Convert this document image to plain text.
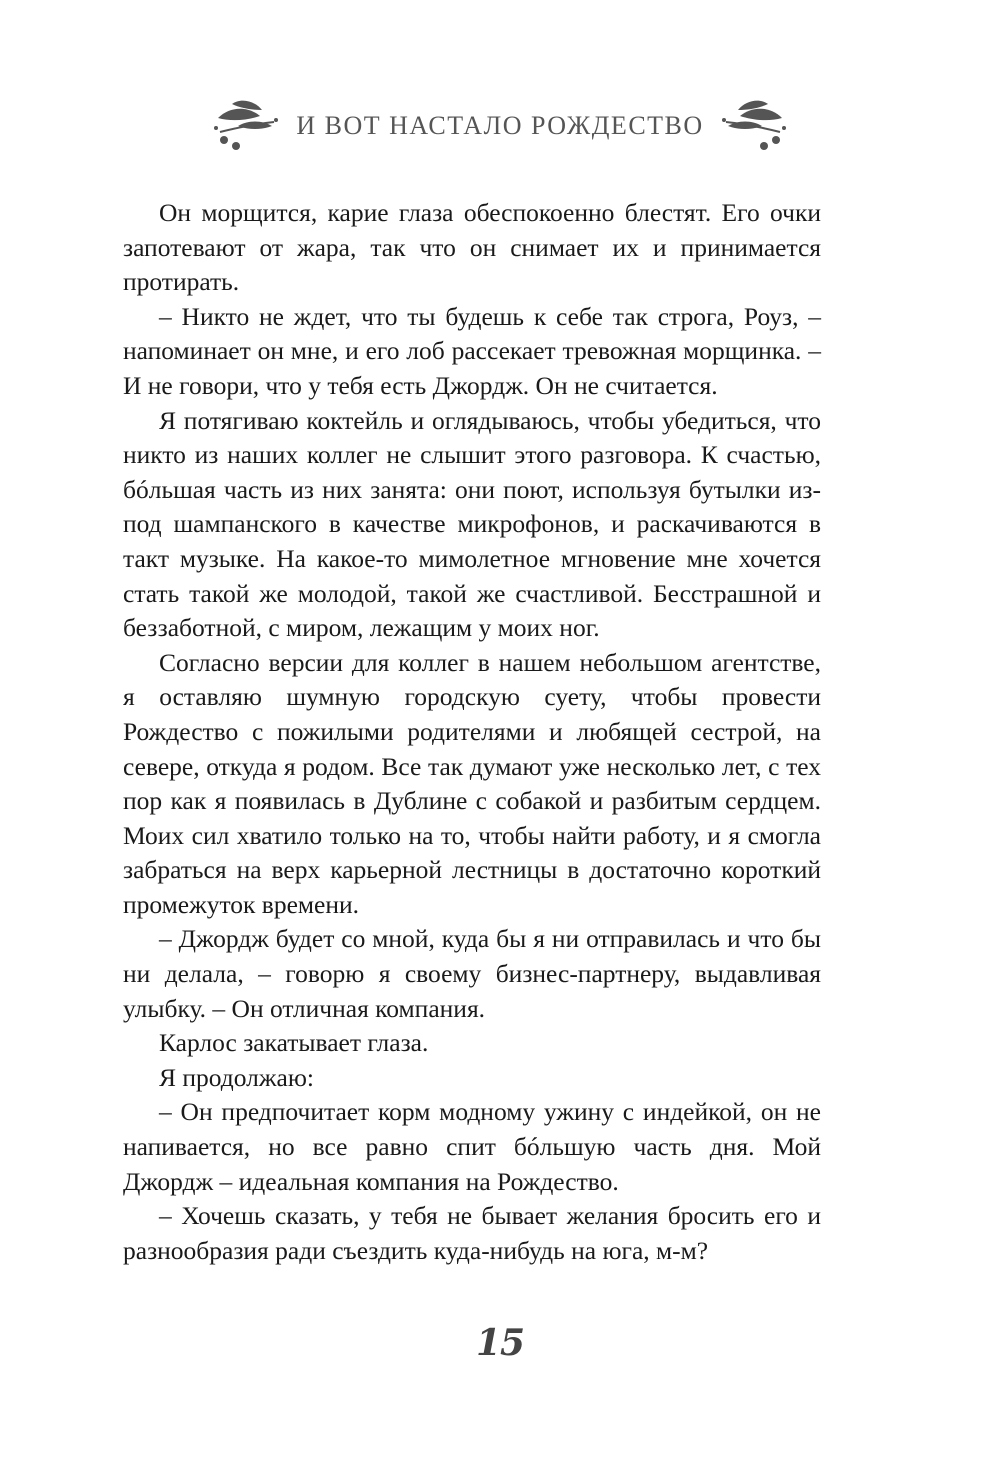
И ВОТ НАСТАЛО РОЖДЕСТВО

Он морщится, карие глаза обеспокоенно блестят. Его очки запотевают от жара, так что он снимает их и принимается протирать.

– Никто не ждет, что ты будешь к себе так строга, Роуз, – напоминает он мне, и его лоб рассекает тревожная морщинка. – И не говори, что у тебя есть Джордж. Он не считается.

Я потягиваю коктейль и оглядываюсь, чтобы убедиться, что никто из наших коллег не слышит этого разговора. К счастью, бóльшая часть из них занята: они поют, используя бутылки из-под шампанского в качестве микрофонов, и раскачиваются в такт музыке. На какое-то мимолетное мгновение мне хочется стать такой же молодой, такой же счастливой. Бесстрашной и беззаботной, с миром, лежащим у моих ног.

Согласно версии для коллег в нашем небольшом агентстве, я оставляю шумную городскую суету, чтобы провести Рождество с пожилыми родителями и любящей сестрой, на севере, откуда я родом. Все так думают уже несколько лет, с тех пор как я появилась в Дублине с собакой и разбитым сердцем. Моих сил хватило только на то, чтобы найти работу, и я смогла забраться на верх карьерной лестницы в достаточно короткий промежуток времени.

– Джордж будет со мной, куда бы я ни отправилась и что бы ни делала, – говорю я своему бизнес-партнеру, выдавливая улыбку. – Он отличная компания.

Карлос закатывает глаза.

Я продолжаю:

– Он предпочитает корм модному ужину с индейкой, он не напивается, но все равно спит бóльшую часть дня. Мой Джордж – идеальная компания на Рождество.

– Хочешь сказать, у тебя не бывает желания бросить его и разнообразия ради съездить куда-нибудь на юга, м-м?

15
